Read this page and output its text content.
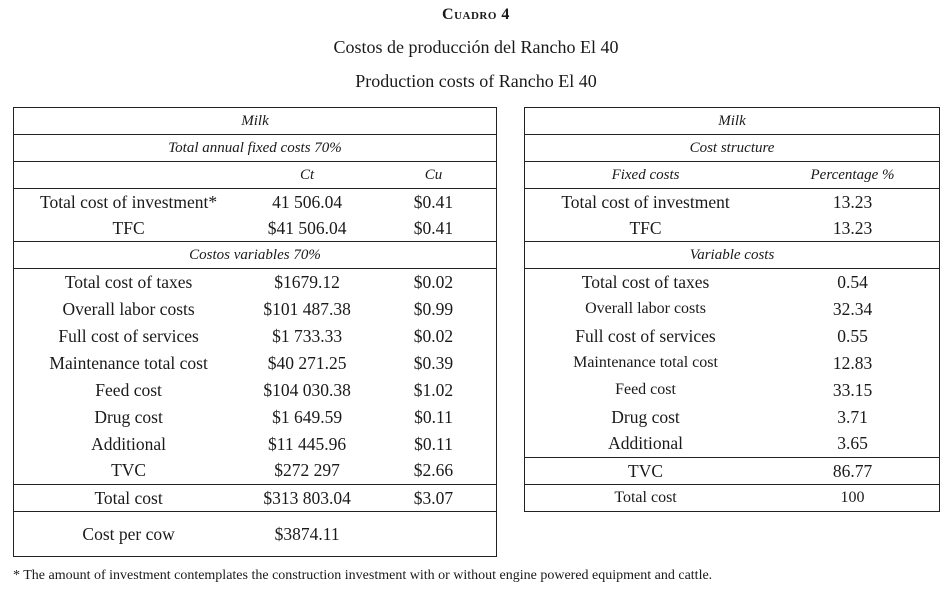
Cuadro 4
Costos de producción del Rancho El 40
Production costs of Rancho El 40
Milk		
Total annual fixed costs 70%		
	Ct	Cu
Total cost of investment*	41 506.04	$0.41
TFC	$41 506.04	$0.41
Costos variables 70%		
Total cost of taxes	$1679.12	$0.02
Overall labor costs	$101 487.38	$0.99
Full cost of services	$1 733.33	$0.02
Maintenance total cost	$40 271.25	$0.39
Feed cost	$104 030.38	$1.02
Drug cost	$1 649.59	$0.11
Additional	$11 445.96	$0.11
TVC	$272 297	$2.66
Total cost	$313 803.04	$3.07
Cost per cow	$3874.11	
Milk	
Cost structure	
Fixed costs	Percentage %
Total cost of investment	13.23
TFC	13.23
Variable costs	
Total cost of taxes	0.54
Overall labor costs	32.34
Full cost of services	0.55
Maintenance total cost	12.83
Feed cost	33.15
Drug cost	3.71
Additional	3.65
TVC	86.77
Total cost	100
* The amount of investment contemplates the construction investment with or without engine powered equipment and cattle.
